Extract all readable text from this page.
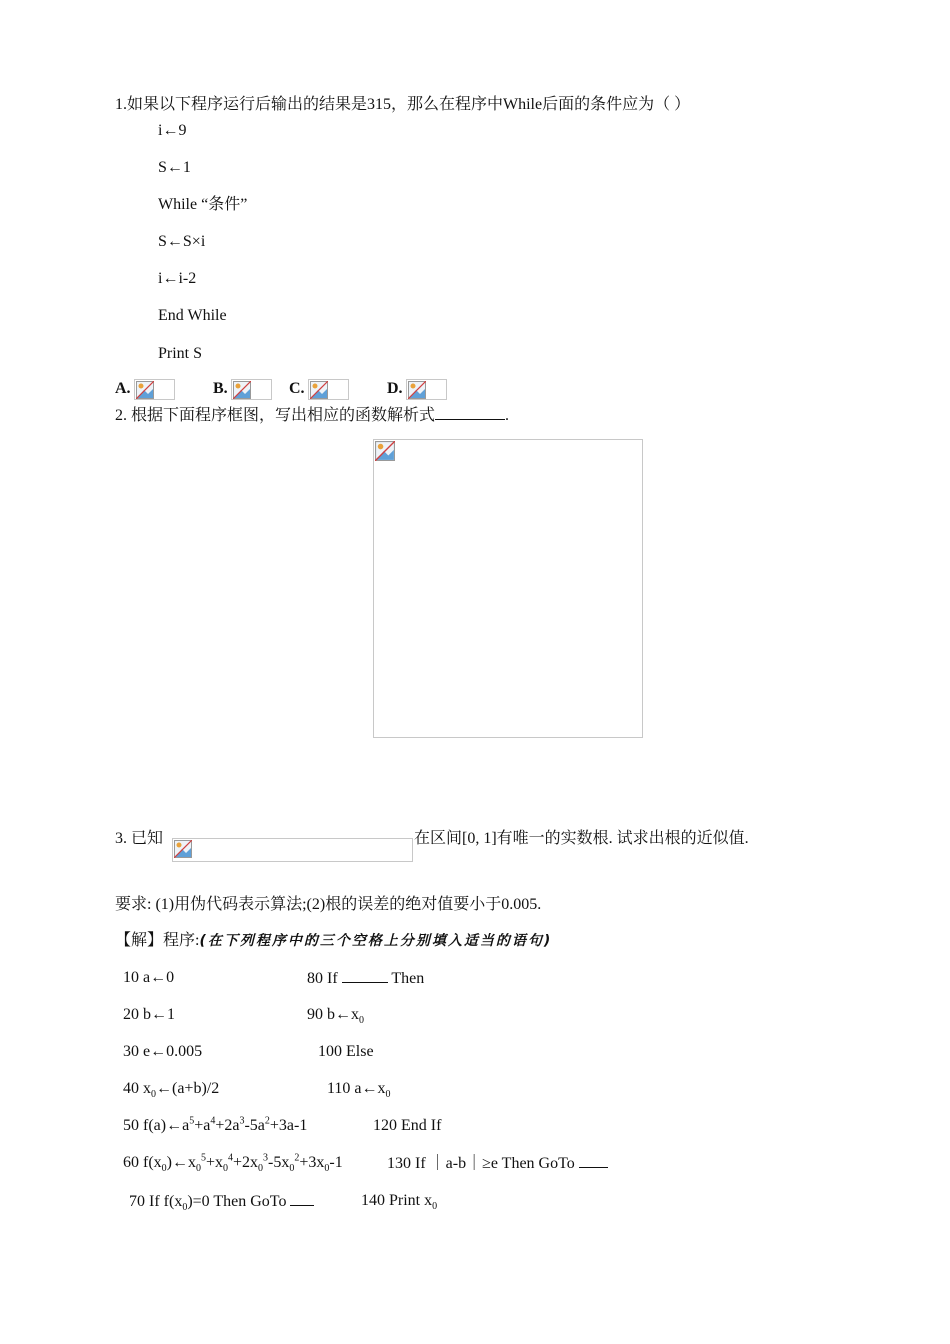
1.如果以下程序运行后输出的结果是315，那么在程序中While后面的条件应为（ ）
i←9
S←1
While “条件”
S←S×i
i←i-2
End While
Print S
A.	B.	C.	D.
2. 根据下面程序框图，写出相应的函数解析式	.
3. 已知	在区间[0, 1]有唯一的实数根. 试求出根的近似值.
要求: (1)用伪代码表示算法;(2)根的误差的绝对值要小于0.005.
【解】程序:(在下列程序中的三个空格上分别填入适当的语句)
10 a←0
20 b←1
30 e←0.005
40 $x_0\leftarrow(a+b)/2$
50 $f(a)\leftarrow a^5+a^4+2a^3-5a^2+3a-1$
60 $f(x_0)\leftarrow x_0^5+x_0^4+2x_0^3-5x_0^2+3x_0-1$
70 If $f(x_0)=0$ Then GoTo
80 If	Then
90 $b\leftarrow x_0$
100 Else
110 $a\leftarrow x_0$
120 End If
130 If ｜a-b｜≥e Then GoTo
140 Print $x_0$
